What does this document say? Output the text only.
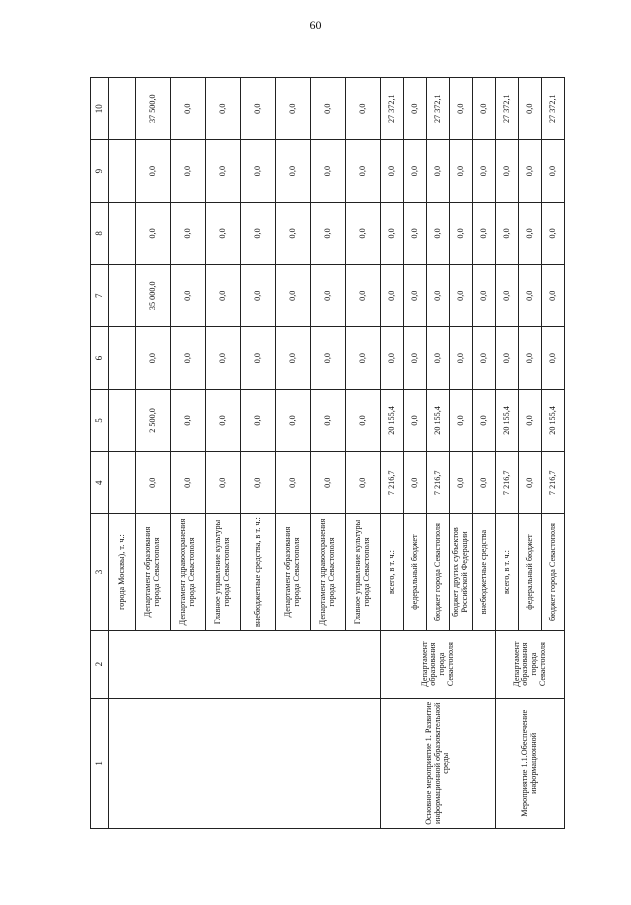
60
1	2	3	4	5	6	7	8	9	10
		города Москвы), т. ч.:							
		Департамент образования города Севастополя	0,0	2 500,0	0,0	35 000,0	0,0	0,0	37 500,0
		Департамент здравоохранения города Севастополя	0,0	0,0	0,0	0,0	0,0	0,0	0,0
		Главное управление культуры города Севастополя	0,0	0,0	0,0	0,0	0,0	0,0	0,0
		внебюджетные средства, в т. ч.:	0,0	0,0	0,0	0,0	0,0	0,0	0,0
		Департамент образования города Севастополя	0,0	0,0	0,0	0,0	0,0	0,0	0,0
		Департамент здравоохранения города Севастополя	0,0	0,0	0,0	0,0	0,0	0,0	0,0
		Главное управление культуры города Севастополя	0,0	0,0	0,0	0,0	0,0	0,0	0,0
Основное мероприятие 1. Развитие информационной образовательной среды	Департамент образования города Севастополя	всего, в т. ч.:	7 216,7	20 155,4	0,0	0,0	0,0	0,0	27 372,1
		федеральный бюджет	0,0	0,0	0,0	0,0	0,0	0,0	0,0
		бюджет города Севастополя	7 216,7	20 155,4	0,0	0,0	0,0	0,0	27 372,1
		бюджет других субъектов Российской Федерации	0,0	0,0	0,0	0,0	0,0	0,0	0,0
		внебюджетные средства	0,0	0,0	0,0	0,0	0,0	0,0	0,0
Мероприятие 1.1.Обеспечение информационной	Департамент образования города Севастополя	всего, в т. ч.:	7 216,7	20 155,4	0,0	0,0	0,0	0,0	27 372,1
		федеральный бюджет	0,0	0,0	0,0	0,0	0,0	0,0	0,0
		бюджет города Севастополя	7 216,7	20 155,4	0,0	0,0	0,0	0,0	27 372,1
